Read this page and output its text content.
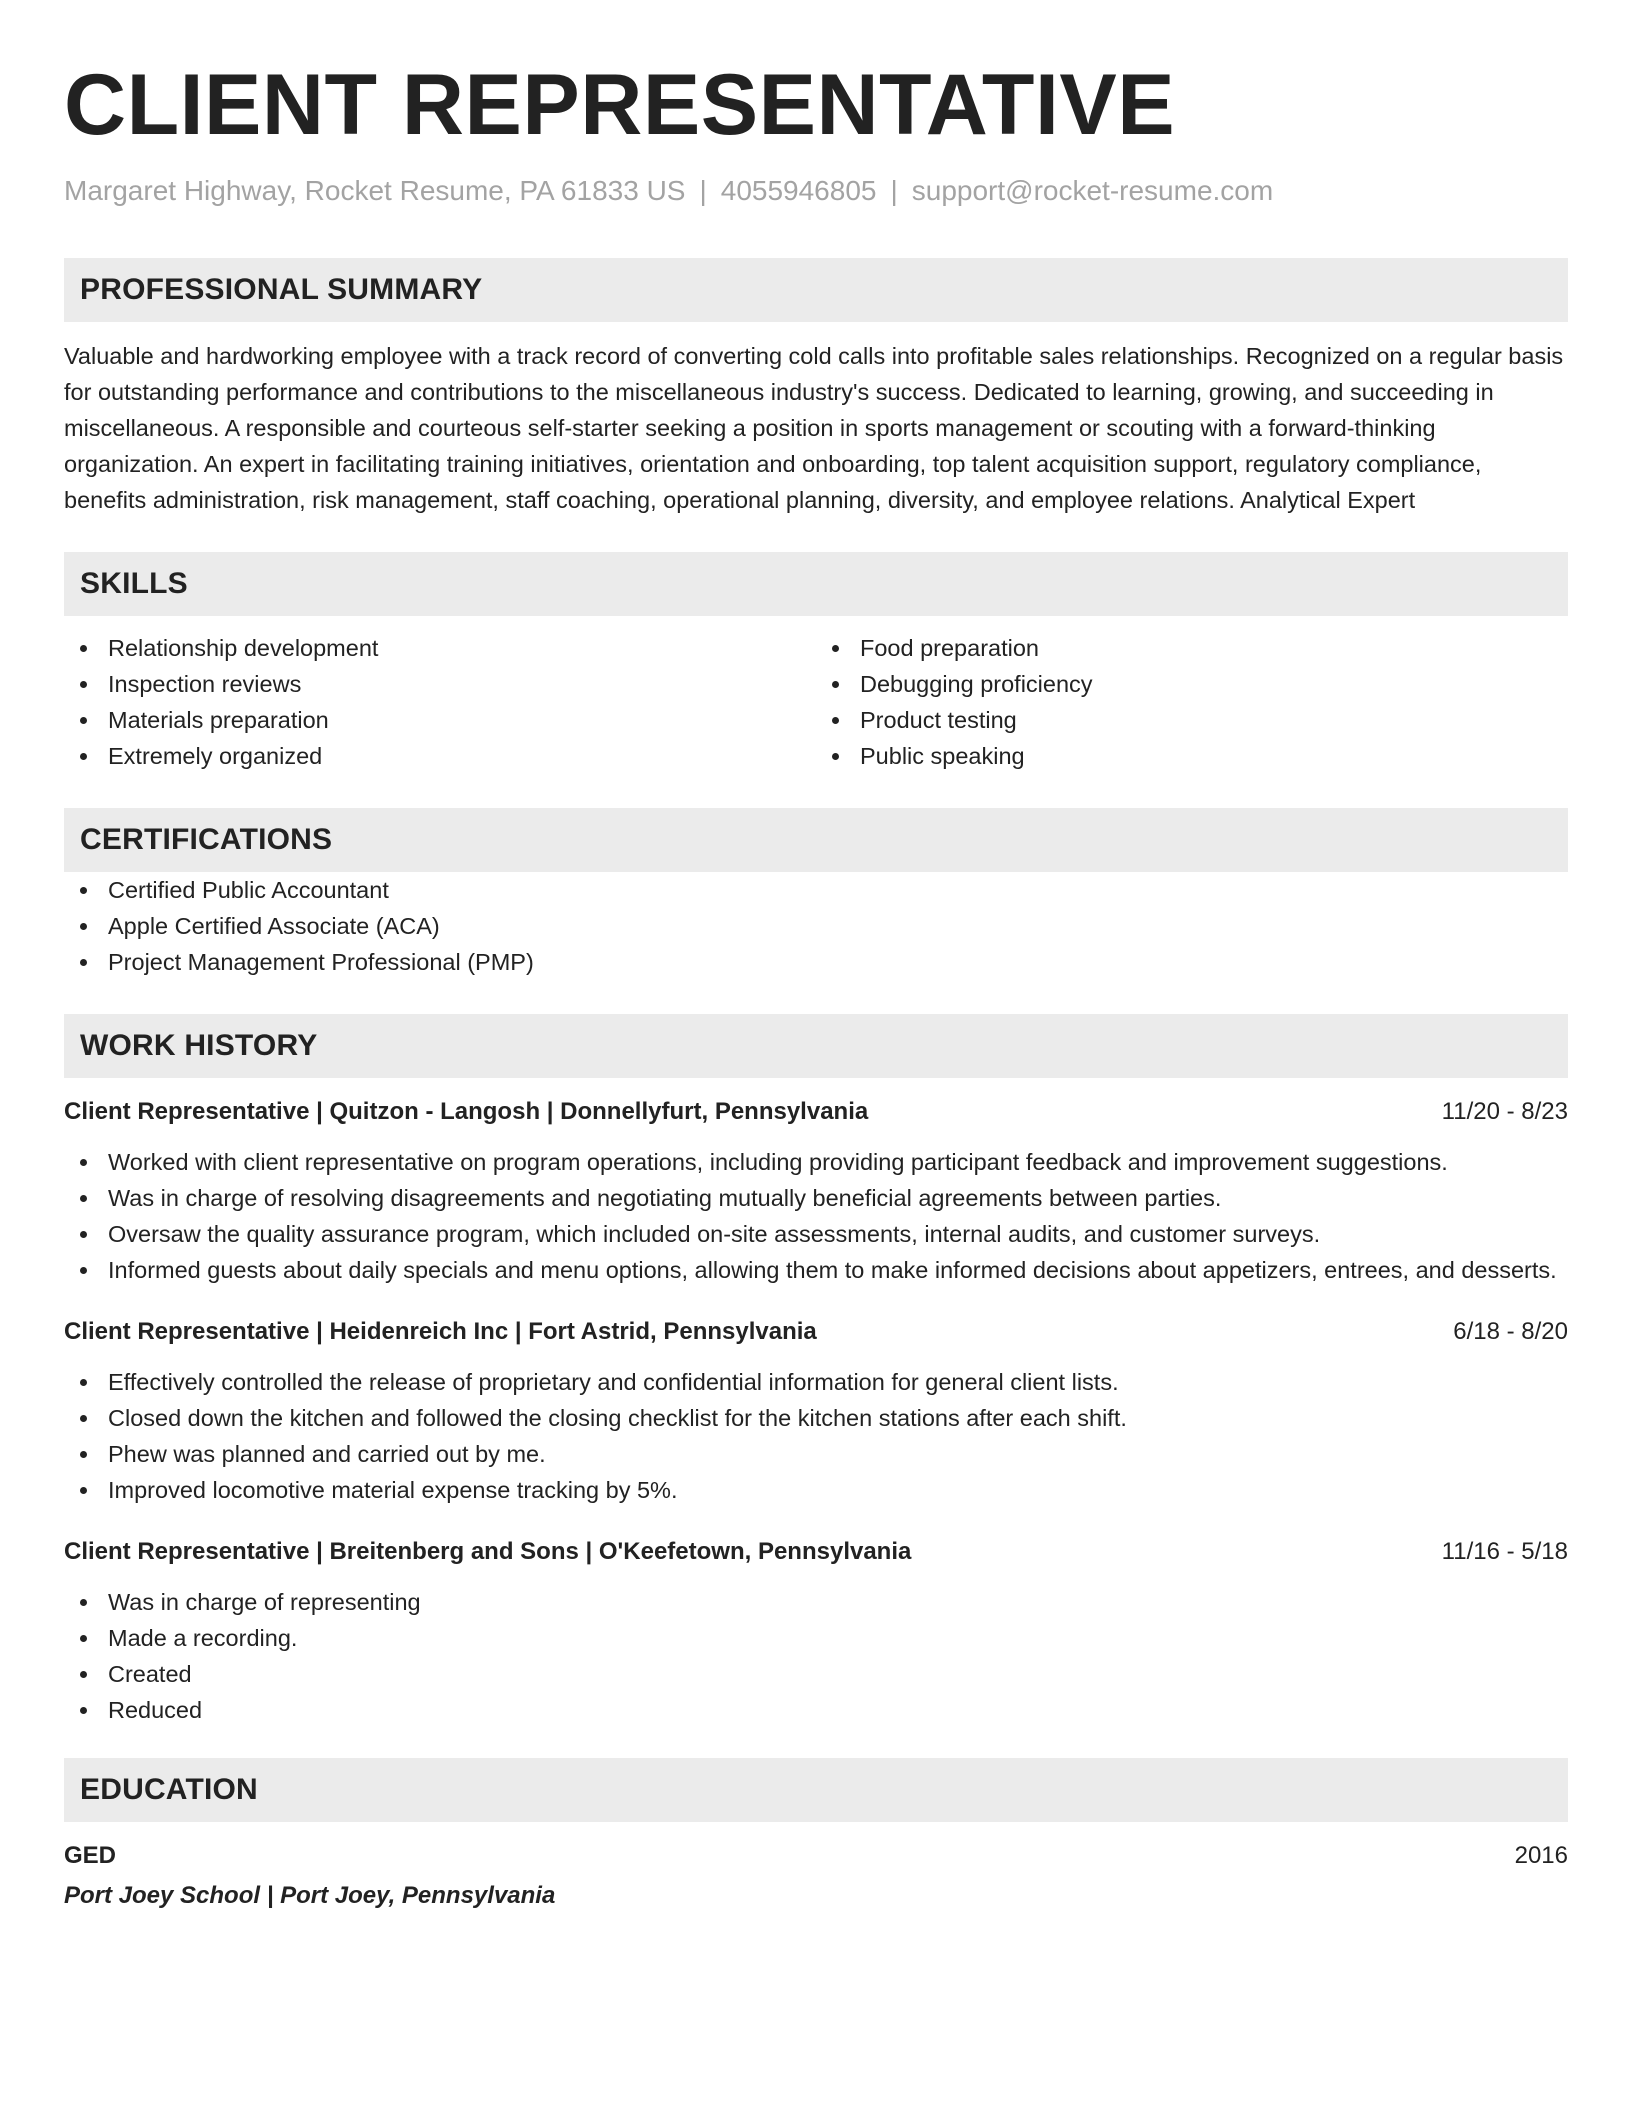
CLIENT REPRESENTATIVE
Margaret Highway, Rocket Resume, PA 61833 US | 4055946805 | support@rocket-resume.com
PROFESSIONAL SUMMARY
Valuable and hardworking employee with a track record of converting cold calls into profitable sales relationships. Recognized on a regular basis for outstanding performance and contributions to the miscellaneous industry's success. Dedicated to learning, growing, and succeeding in miscellaneous. A responsible and courteous self-starter seeking a position in sports management or scouting with a forward-thinking organization. An expert in facilitating training initiatives, orientation and onboarding, top talent acquisition support, regulatory compliance, benefits administration, risk management, staff coaching, operational planning, diversity, and employee relations. Analytical Expert
SKILLS
Relationship development
Inspection reviews
Materials preparation
Extremely organized
Food preparation
Debugging proficiency
Product testing
Public speaking
CERTIFICATIONS
Certified Public Accountant
Apple Certified Associate (ACA)
Project Management Professional (PMP)
WORK HISTORY
Client Representative | Quitzon - Langosh | Donnellyfurt, Pennsylvania	11/20 - 8/23
Worked with client representative on program operations, including providing participant feedback and improvement suggestions.
Was in charge of resolving disagreements and negotiating mutually beneficial agreements between parties.
Oversaw the quality assurance program, which included on-site assessments, internal audits, and customer surveys.
Informed guests about daily specials and menu options, allowing them to make informed decisions about appetizers, entrees, and desserts.
Client Representative | Heidenreich Inc | Fort Astrid, Pennsylvania	6/18 - 8/20
Effectively controlled the release of proprietary and confidential information for general client lists.
Closed down the kitchen and followed the closing checklist for the kitchen stations after each shift.
Phew was planned and carried out by me.
Improved locomotive material expense tracking by 5%.
Client Representative | Breitenberg and Sons | O'Keefetown, Pennsylvania	11/16 - 5/18
Was in charge of representing
Made a recording.
Created
Reduced
EDUCATION
GED	2016
Port Joey School | Port Joey, Pennsylvania
